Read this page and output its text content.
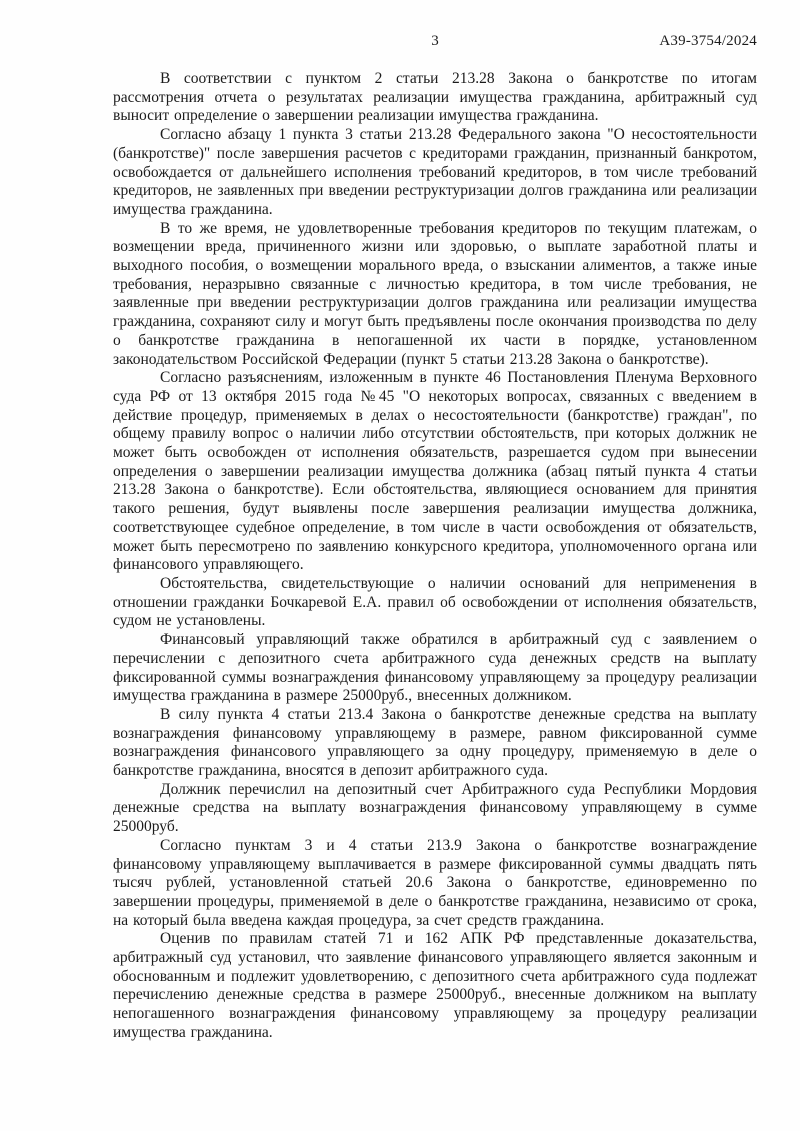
3	А39-3754/2024

В соответствии с пунктом 2 статьи 213.28 Закона о банкротстве по итогам рассмотрения отчета о результатах реализации имущества гражданина, арбитражный суд выносит определение о завершении реализации имущества гражданина.

Согласно абзацу 1 пункта 3 статьи 213.28 Федерального закона "О несостоятельности (банкротстве)" после завершения расчетов с кредиторами гражданин, признанный банкротом, освобождается от дальнейшего исполнения требований кредиторов, в том числе требований кредиторов, не заявленных при введении реструктуризации долгов гражданина или реализации имущества гражданина.

В то же время, не удовлетворенные требования кредиторов по текущим платежам, о возмещении вреда, причиненного жизни или здоровью, о выплате заработной платы и выходного пособия, о возмещении морального вреда, о взыскании алиментов, а также иные требования, неразрывно связанные с личностью кредитора, в том числе требования, не заявленные при введении реструктуризации долгов гражданина или реализации имущества гражданина, сохраняют силу и могут быть предъявлены после окончания производства по делу о банкротстве гражданина в непогашенной их части в порядке, установленном законодательством Российской Федерации (пункт 5 статьи 213.28 Закона о банкротстве).

Согласно разъяснениям, изложенным в пункте 46 Постановления Пленума Верховного суда РФ от 13 октября 2015 года №45 "О некоторых вопросах, связанных с введением в действие процедур, применяемых в делах о несостоятельности (банкротстве) граждан", по общему правилу вопрос о наличии либо отсутствии обстоятельств, при которых должник не может быть освобожден от исполнения обязательств, разрешается судом при вынесении определения о завершении реализации имущества должника (абзац пятый пункта 4 статьи 213.28 Закона о банкротстве). Если обстоятельства, являющиеся основанием для принятия такого решения, будут выявлены после завершения реализации имущества должника, соответствующее судебное определение, в том числе в части освобождения от обязательств, может быть пересмотрено по заявлению конкурсного кредитора, уполномоченного органа или финансового управляющего.

Обстоятельства, свидетельствующие о наличии оснований для неприменения в отношении гражданки Бочкаревой Е.А. правил об освобождении от исполнения обязательств, судом не установлены.

Финансовый управляющий также обратился в арбитражный суд с заявлением о перечислении с депозитного счета арбитражного суда денежных средств на выплату фиксированной суммы вознаграждения финансовому управляющему за процедуру реализации имущества гражданина в размере 25000руб., внесенных должником.

В силу пункта 4 статьи 213.4 Закона о банкротстве денежные средства на выплату вознаграждения финансовому управляющему в размере, равном фиксированной сумме вознаграждения финансового управляющего за одну процедуру, применяемую в деле о банкротстве гражданина, вносятся в депозит арбитражного суда.

Должник перечислил на депозитный счет Арбитражного суда Республики Мордовия денежные средства на выплату вознаграждения финансовому управляющему в сумме 25000руб.

Согласно пунктам 3 и 4 статьи 213.9 Закона о банкротстве вознаграждение финансовому управляющему выплачивается в размере фиксированной суммы двадцать пять тысяч рублей, установленной статьей 20.6 Закона о банкротстве, единовременно по завершении процедуры, применяемой в деле о банкротстве гражданина, независимо от срока, на который была введена каждая процедура, за счет средств гражданина.

Оценив по правилам статей 71 и 162 АПК РФ представленные доказательства, арбитражный суд установил, что заявление финансового управляющего является законным и обоснованным и подлежит удовлетворению, с депозитного счета арбитражного суда подлежат перечислению денежные средства в размере 25000руб., внесенные должником на выплату непогашенного вознаграждения финансовому управляющему за процедуру реализации имущества гражданина.
